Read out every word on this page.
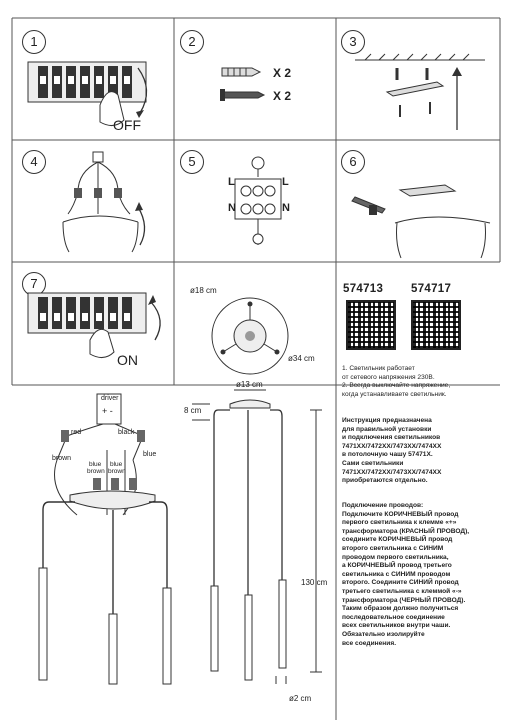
1
OFF
2
X 2
X 2
3
4	5
L
N
L
N
6
7
ON
ø18 cm
ø34 cm
574713 574717
1. Светильник работает
от сетевого напряжения 230В.
2. Всегда выключайте напряжение,
когда устанавливаете светильник.
Инструкция предназначена
для правильной установки
и подключения светильников
7471XX/7472XX/7473XX/7474XX
в потолочную чашу 57471X.
Сами светильники
7471XX/7472XX/7473XX/7474XX
приобретаются отдельно.
Подключение проводов:
Подключите КОРИЧНЕВЫЙ провод
первого светильника к клемме «+»
трансформатора (КРАСНЫЙ ПРОВОД),
соедините КОРИЧНЕВЫЙ провод
второго светильника с СИНИМ
проводом первого светильника,
а КОРИЧНЕВЫЙ провод третьего
светильника с СИНИМ проводом
второго. Соедините СИНИЙ провод
третьего светильника с клеммой «-»
трансформатора (ЧЕРНЫЙ ПРОВОД).
Таким образом должно получиться
последовательное соединение
всех светильников внутри чаши.
Обязательно изолируйте
все соединения.
driver
+ -
red	black
brown
blue
blue
brown
blue
brown
ø13 cm
8 cm
130 cm
ø2 cm
